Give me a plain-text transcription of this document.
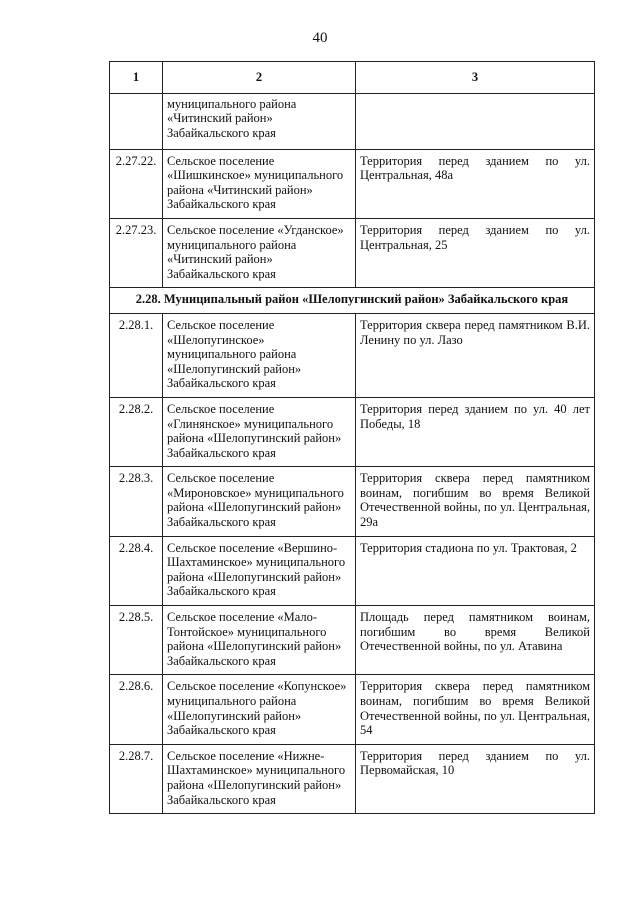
40
1	2	3
	муниципального района «Читинский район» Забайкальского края	
2.27.22.	Сельское поселение «Шишкинское» муниципального района «Читинский район» Забайкальского края	Территория перед зданием по ул. Центральная, 48а
2.27.23.	Сельское поселение «Угданское» муниципального района «Читинский район» Забайкальского края	Территория перед зданием по ул. Центральная, 25
2.28. Муниципальный район «Шелопугинский район» Забайкальского края		
2.28.1.	Сельское поселение «Шелопугинское» муниципального района «Шелопугинский район» Забайкальского края	Территория сквера перед памятником В.И. Ленину по ул. Лазо
2.28.2.	Сельское поселение «Глинянское» муниципального района «Шелопугинский район» Забайкальского края	Территория перед зданием по ул. 40 лет Победы, 18
2.28.3.	Сельское поселение «Мироновское» муниципального района «Шелопугинский район» Забайкальского края	Территория сквера перед памятником воинам, погибшим во время Великой Отечественной войны, по ул. Центральная, 29а
2.28.4.	Сельское поселение «Вершино-Шахтаминское» муниципального района «Шелопугинский район» Забайкальского края	Территория стадиона по ул. Трактовая, 2
2.28.5.	Сельское поселение «Мало-Тонтойское» муниципального района «Шелопугинский район» Забайкальского края	Площадь перед памятником воинам, погибшим во время Великой Отечественной войны, по ул. Атавина
2.28.6.	Сельское поселение «Копунское» муниципального района «Шелопугинский район» Забайкальского края	Территория сквера перед памятником воинам, погибшим во время Великой Отечественной войны, по ул. Центральная, 54
2.28.7.	Сельское поселение «Нижне-Шахтаминское» муниципального района «Шелопугинский район» Забайкальского края	Территория перед зданием по ул. Первомайская, 10
